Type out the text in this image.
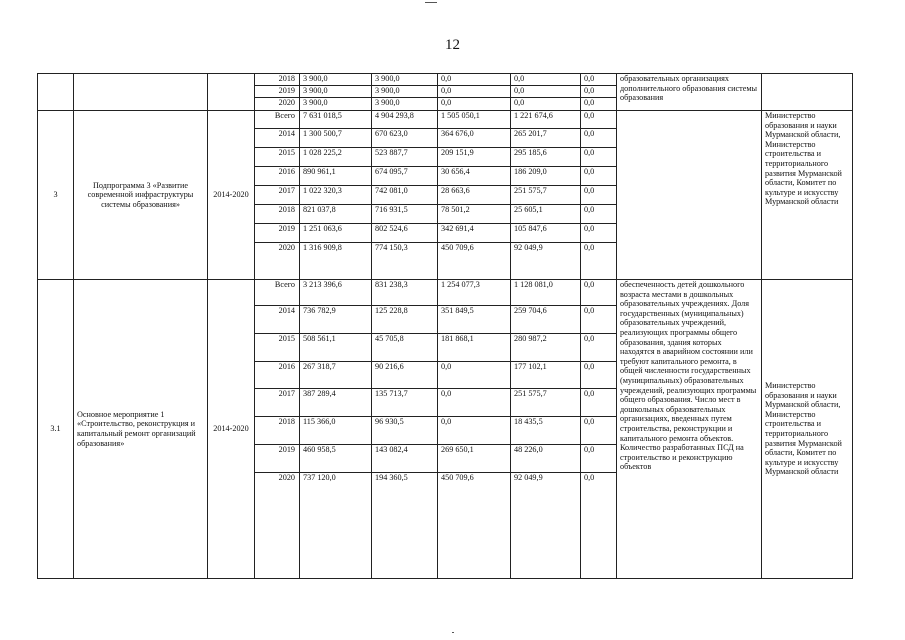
12
			2018	3 900,0	3 900,0	0,0	0,0	0,0	образовательных организациях дополнительного образования системы образования	
			2019	3 900,0	3 900,0	0,0	0,0	0,0		
			2020	3 900,0	3 900,0	0,0	0,0	0,0		
3	Подпрограмма 3 «Развитие современной инфраструктуры системы образования»	2014-2020	Всего	7 631 018,5	4 904 293,8	1 505 050,1	1 221 674,6	0,0		Министерство образования и науки Мурманской области, Министерство строительства и территориального развития Мурманской области, Комитет по культуре и искусству Мурманской области
			2014	1 300 500,7	670 623,0	364 676,0	265 201,7	0,0		
			2015	1 028 225,2	523 887,7	209 151,9	295 185,6	0,0		
			2016	890 961,1	674 095,7	30 656,4	186 209,0	0,0		
			2017	1 022 320,3	742 081,0	28 663,6	251 575,7	0,0		
			2018	821 037,8	716 931,5	78 501,2	25 605,1	0,0		
			2019	1 251 063,6	802 524,6	342 691,4	105 847,6	0,0		
			2020	1 316 909,8	774 150,3	450 709,6	92 049,9	0,0		
3.1	Основное мероприятие 1 «Строительство, реконструкция и капитальный ремонт организаций образования»	2014-2020	Всего	3 213 396,6	831 238,3	1 254 077,3	1 128 081,0	0,0	обеспеченность детей дошкольного возраста местами в дошкольных образовательных учреждениях. Доля государственных (муниципальных) образовательных учреждений, реализующих программы общего образования, здания которых находятся в аварийном состоянии или требуют капитального ремонта, в общей численности государственных (муниципальных) образовательных учреждений, реализующих программы общего образования. Число мест в дошкольных образовательных организациях, введенных путем строительства, реконструкции и капитального ремонта объектов. Количество разработанных ПСД на строительство и реконструкцию объектов	Министерство образования и науки Мурманской области, Министерство строительства и территориального развития Мурманской области, Комитет по культуре и искусству Мурманской области
			2014	736 782,9	125 228,8	351 849,5	259 704,6	0,0		
			2015	508 561,1	45 705,8	181 868,1	280 987,2	0,0		
			2016	267 318,7	90 216,6	0,0	177 102,1	0,0		
			2017	387 289,4	135 713,7	0,0	251 575,7	0,0		
			2018	115 366,0	96 930,5	0,0	18 435,5	0,0		
			2019	460 958,5	143 082,4	269 650,1	48 226,0	0,0		
			2020	737 120,0	194 360,5	450 709,6	92 049,9	0,0		
